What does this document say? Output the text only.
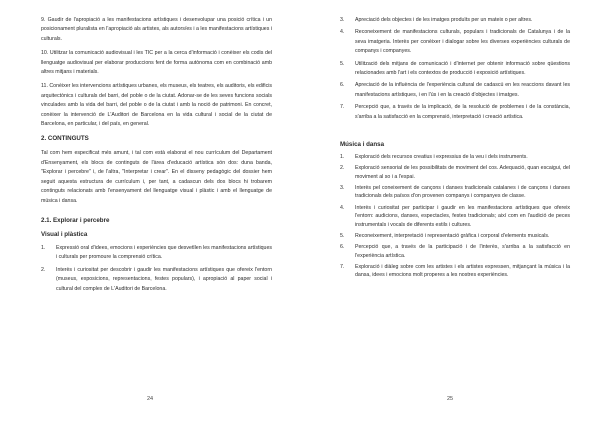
9. Gaudir de l'apropiació a les manifestacions artístiques i desenvolupar una posició crítica i un posicionament pluralista en l'apropiació als artistes, als autors/es i a les manifestacions artístiques i culturals.

10. Utilitzar la comunicació audiovisual i les TIC per a la cerca d'informació i conèixer els codis del llenguatge audiovisual per elaborar produccions fent de forma autònoma com en combinació amb altres mitjans i materials.

11. Conèixer les intervencions artístiques urbanes, els museus, els teatres, els auditoris, els edificis arquitectònics i culturals del barri, del poble o de la ciutat. Adonar-se de les seves funcions socials vinculades amb la vida del barri, del poble o de la ciutat i amb la noció de patrimoni. En concret, conèixer la intervenció de L'Auditori de Barcelona en la vida cultural i social de la ciutat de Barcelona, en particular, i del país, en general.

2. CONTINGUTS

Tal com hem especificat més amunt, i tal com està elaborat el nou currículum del Departament d'Ensenyament, els blocs de continguts de l'àrea d'educació artística són dos: duna banda, "Explorar i percebre" i, de l'altra, "Interpretar i crear". En el disseny pedagògic del dossier hem seguit aquesta estructura de currículum i, per tant, a cadascun dels dos blocs hi trobarem continguts relacionats amb l'ensenyament del llenguatge visual i plàstic i amb el llenguatge de música i dansa.

2.1. Explorar i percebre
Visual i plàstica
1. Expressió oral d'idees, emocions i experiències que desvetllen les manifestacions artístiques i culturals per promoure la comprensió crítica.
2. Interès i curiositat per descobrir i gaudir les manifestacions artístiques que ofereix l'entorn (museus, exposicions, representacions, festes populars), i apropiació al paper social i cultural del complex de L'Auditori de Barcelona.
24
3. Apreciació dels objectes i de les imatges produïts per un mateix o per altres.
4. Reconeixement de manifestacions culturals, populars i tradicionals de Catalunya i de la seva imatgeria. Interès per conèixer i dialogar sobre les diverses experiències culturals de companys i companyes.
5. Utilització dels mitjans de comunicació i d'internet per obtenir informació sobre qüestions relacionades amb l'art i els contextos de producció i exposició artístiques.
6. Apreciació de la influència de l'experiència cultural de cadascú en les reaccions davant les manifestacions artístiques, i en l'ús i en la creació d'objectes i imatges.
7. Percepció que, a través de la implicació, de la resolució de problemes i de la constància, s'arriba a la satisfacció en la comprensió, interpretació i creació artística.
Música i dansa
1. Exploració dels recursos creatius i expressius de la veu i dels instruments.
2. Exploració sensorial de les possibilitats de moviment del cos. Adequació, quan escaigui, del moviment al so i a l'espai.
3. Interès pel coneixement de cançons i danses tradicionals catalanes i de cançons i danses tradicionals dels països d'on provenen companys i companyes de classe.
4. Interès i curiositat per participar i gaudir en les manifestacions artístiques que ofereix l'entorn: audicions, danses, espectacles, festes tradicionals; així com en l'audició de peces instrumentals i vocals de diferents estils i cultures.
5. Reconeixement, interpretació i representació gràfica i corporal d'elements musicals.
6. Percepció que, a través de la participació i de l'interès, s'arriba a la satisfacció en l'experiència artística.
7. Exploració i diàleg sobre com les artistes i els artistes expressen, mitjançant la música i la dansa, idees i emocions molt properes a les nostres experiències.
25
